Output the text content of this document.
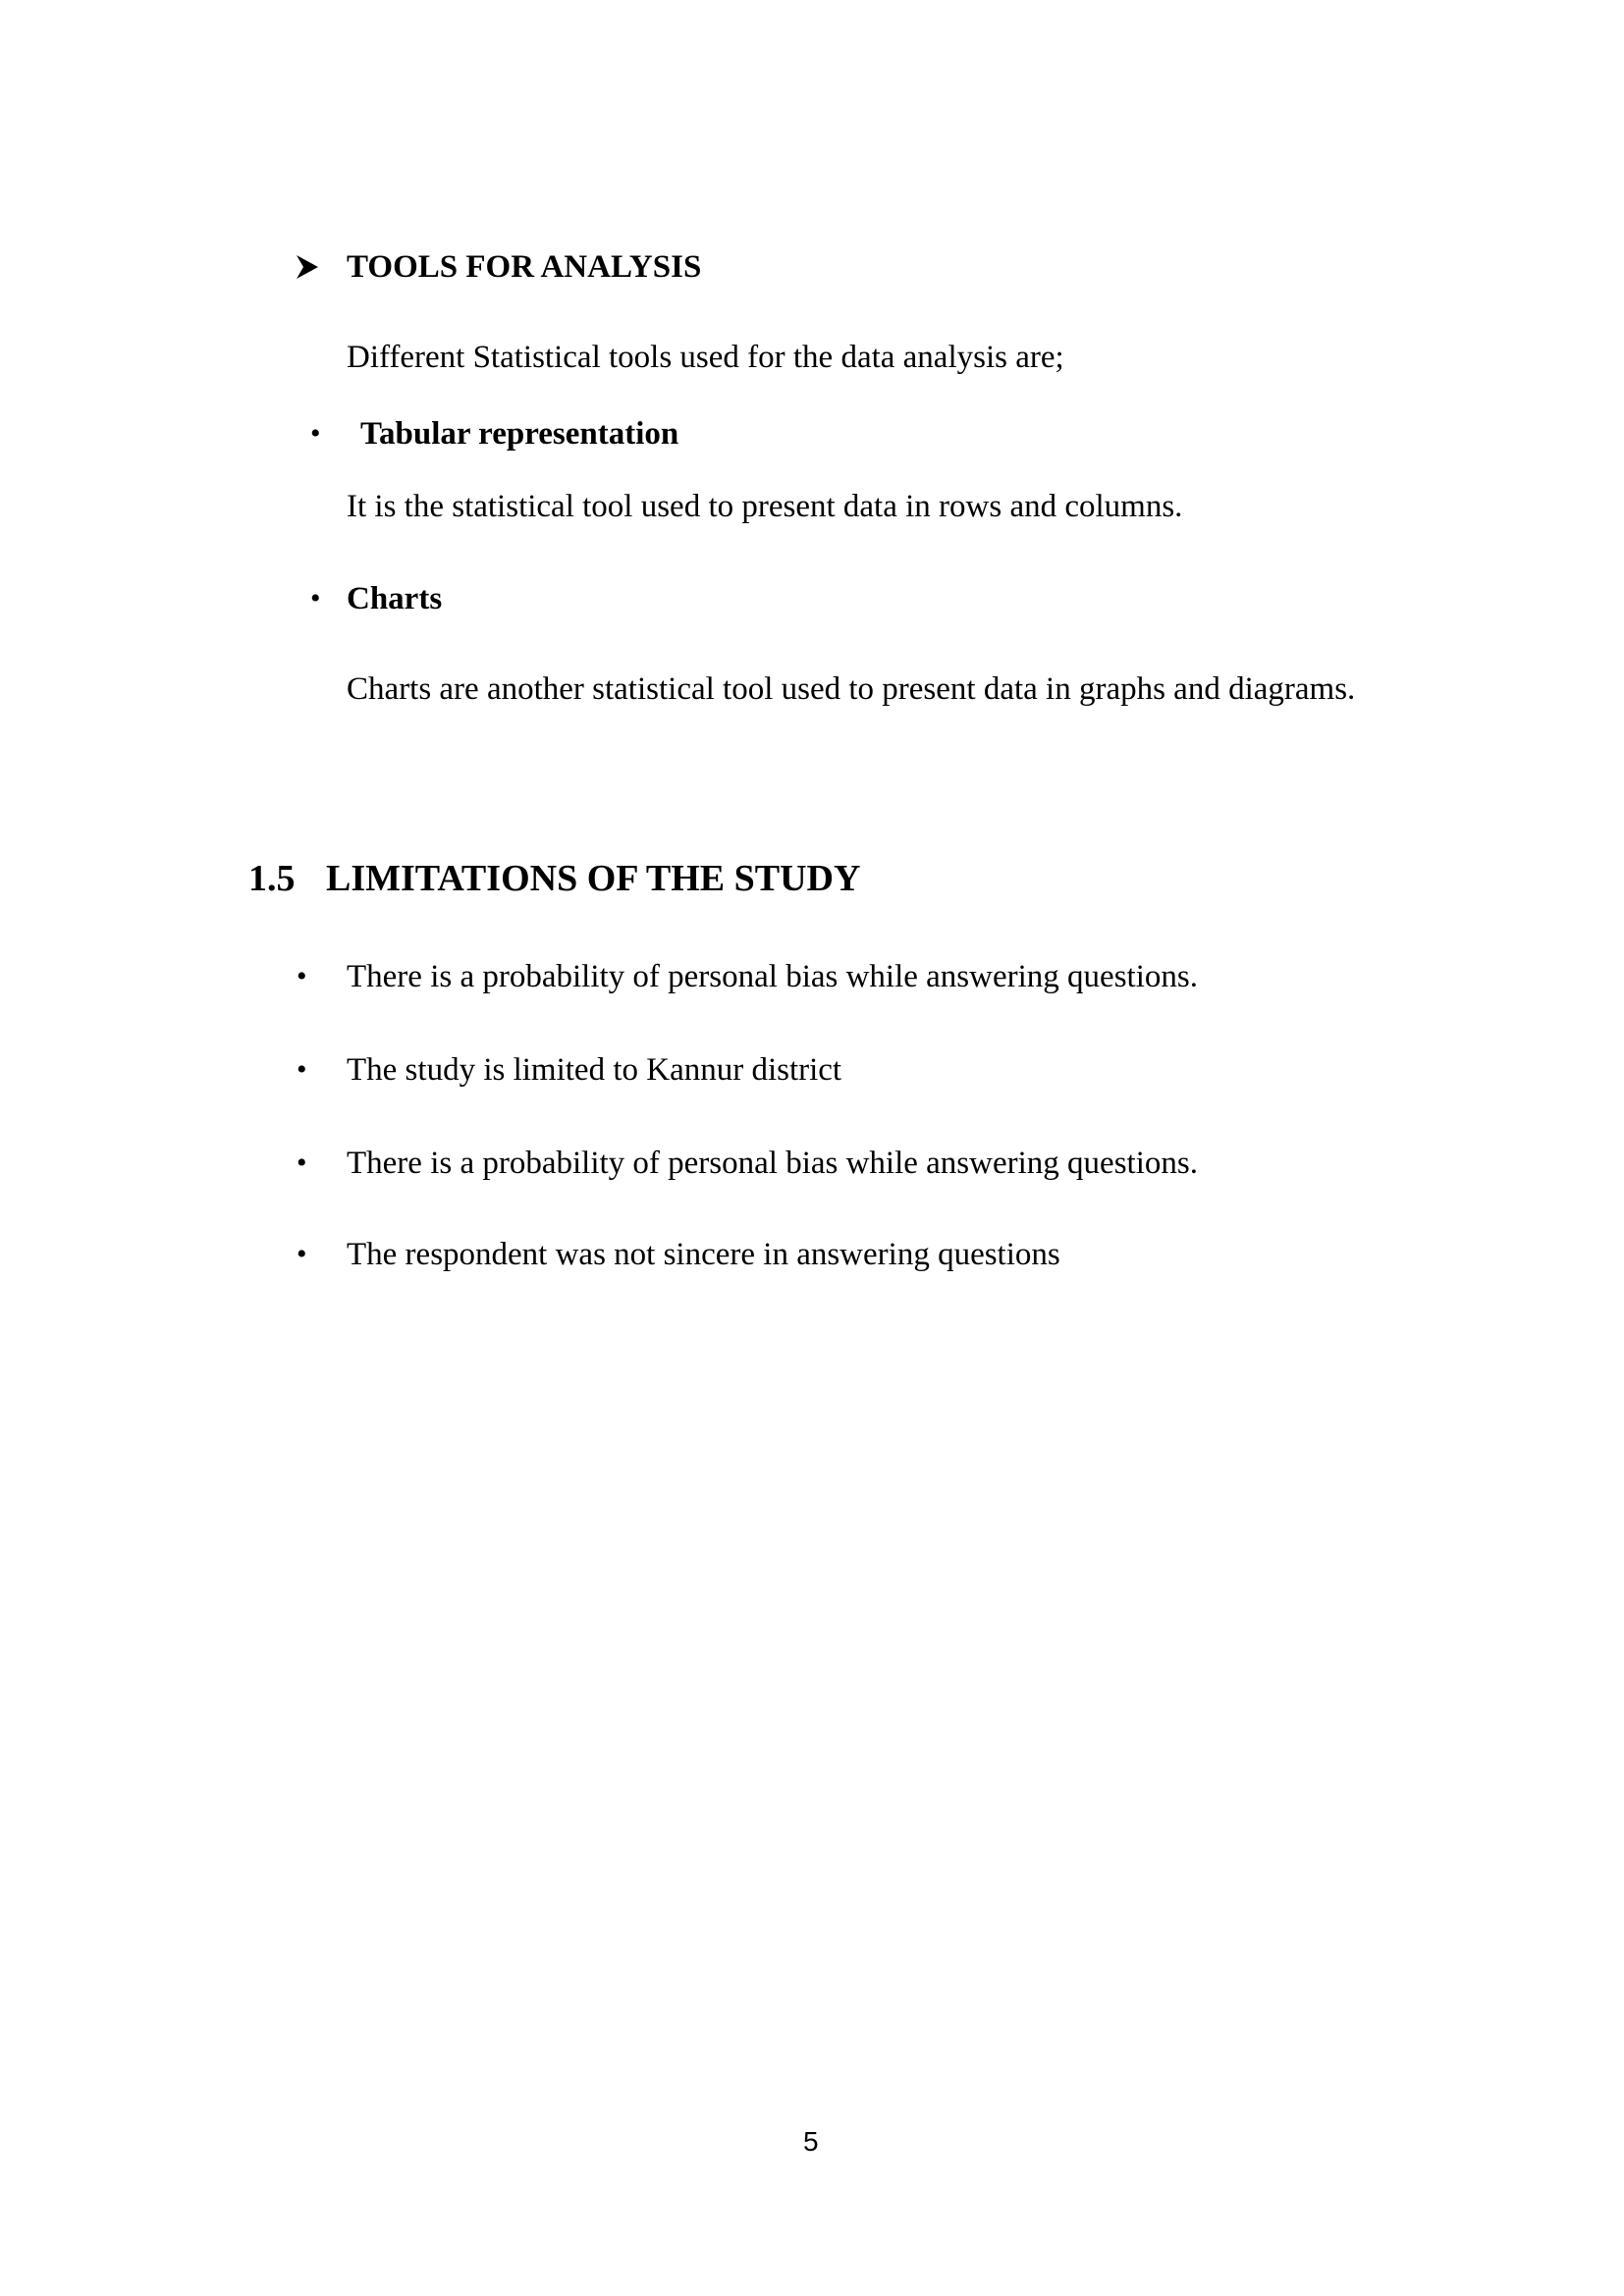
TOOLS FOR ANALYSIS
Different Statistical tools used for the data analysis are;
• Tabular representation
It is the statistical tool used to present data in rows and columns.
• Charts
Charts are another statistical tool used to present data in graphs and diagrams.
1.5 LIMITATIONS OF THE STUDY
• There is a probability of personal bias while answering questions.
• The study is limited to Kannur district
• There is a probability of personal bias while answering questions.
• The respondent was not sincere in answering questions
5
